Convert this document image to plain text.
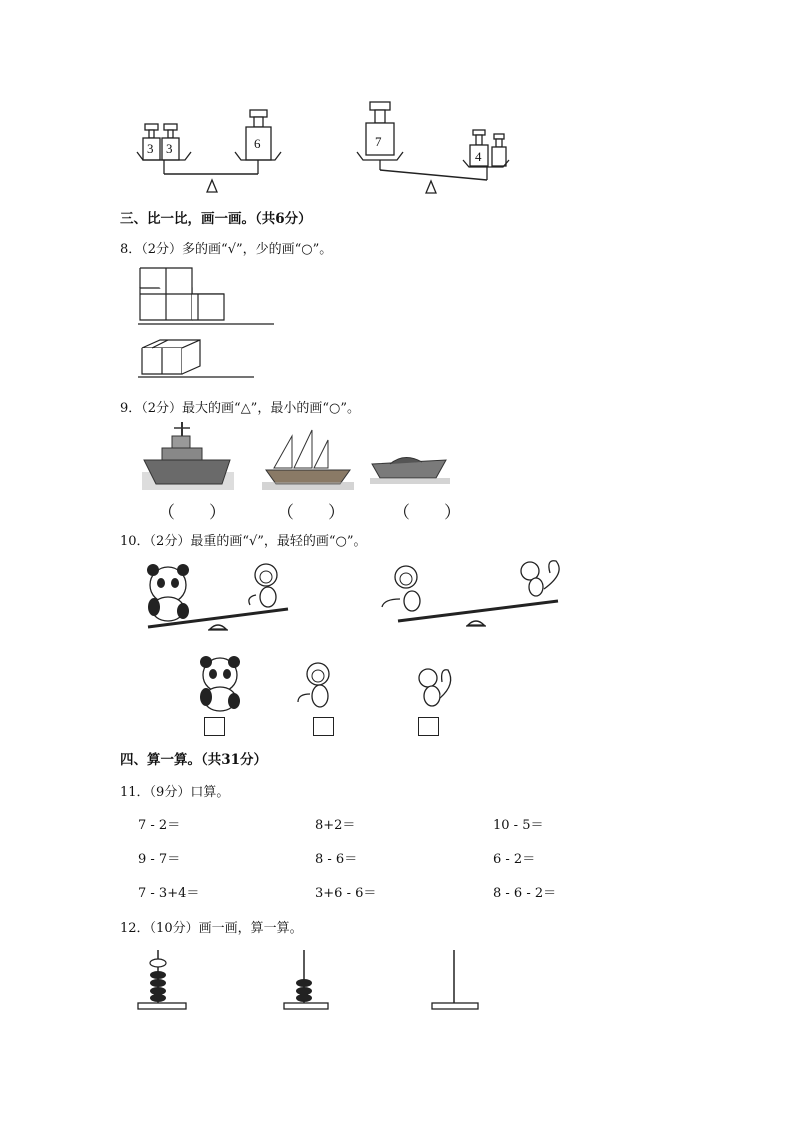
3 3	6	7
4
三、比一比，画一画。（共6分）
8．（2分）多的画“√”，少的画“○”。
9．（2分）最大的画“△”，最小的画“○”。
（　　）	（　　）	（　　）
10．（2分）最重的画“√”，最轻的画“○”。
四、算一算。（共31分）
11．（9分）口算。
7 - 2＝	8+2＝	10 - 5＝
9 - 7＝	8 - 6＝	6 - 2＝
7 - 3+4＝	3+6 - 6＝	8 - 6 - 2＝
12．（10分）画一画，算一算。
